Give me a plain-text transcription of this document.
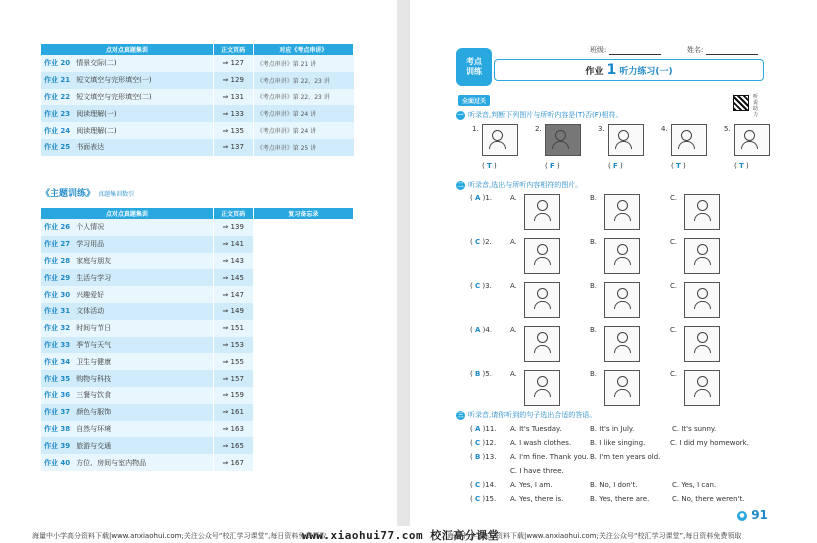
点对点真题集训		正文页码	对应《考点串讲》
作业 20	情景交际(二)	⇒ 127	《考点串讲》第 21 讲
作业 21	短文填空与完形填空(一)	⇒ 129	《考点串讲》第 22、23 讲
作业 22	短文填空与完形填空(二)	⇒ 131	《考点串讲》第 22、23 讲
作业 23	阅读理解(一)	⇒ 133	《考点串讲》第 24 讲
作业 24	阅读理解(二)	⇒ 135	《考点串讲》第 24 讲
作业 25	书面表达	⇒ 137	《考点串讲》第 25 讲
《主题训练》 真题集训数引
点对点真题集训		正文页码	复习备忘录
作业 26	个人情况	⇒ 139	
作业 27	学习用品	⇒ 141	
作业 28	家庭与朋友	⇒ 143	
作业 29	生活与学习	⇒ 145	
作业 30	兴趣爱好	⇒ 147	
作业 31	文体活动	⇒ 149	
作业 32	时间与节日	⇒ 151	
作业 33	季节与天气	⇒ 153	
作业 34	卫生与健康	⇒ 155	
作业 35	购物与科技	⇒ 157	
作业 36	三餐与饮食	⇒ 159	
作业 37	颜色与服饰	⇒ 161	
作业 38	自然与环境	⇒ 163	
作业 39	旅游与交通	⇒ 165	
作业 40	方位、房间与室内物品	⇒ 167	
班级:	姓名:
考点
训练	作业 1 听力练习(一)
全面过关
听说助力
一 听录音,判断下列图片与所听内容是(T)否(F)相符。
1.
( T )
2.
( F )
3.
( F )
4.
( T )
5.
( T )
二 听录音,选出与所听内容相符的图片。
( A )1.	A.	B.	C.
( C )2.	A.	B.	C.
( C )3.	A.	B.	C.
( A )4.	A.	B.	C.
( B )5.	A.	B.	C.
三 听录音,请你听到的句子选出合适的答语。
( A )11. A. It's Tuesday.	B. It's in July.	C. It's sunny.
( C )12. A. I wash clothes.	B. I like singing.	C. I did my homework.
( B )13. A. I'm fine. Thank you. B. I'm ten years old.
C. I have three.
( C )14. A. Yes, I am.	B. No, I don't.	C. Yes, I can.
( C )15. A. Yes, there is.	B. Yes, there are.	C. No, there weren't.
● 91
海量中小学高分资料下载|www.anxiaohui.com;关注公众号“校汇学习课堂”,每日资料免费领取
www.xiaohui77.com 校汇高分课堂
海量中小学高分资料下载|www.anxiaohui.com;关注公众号“校汇学习课堂”,每日资料免费领取
